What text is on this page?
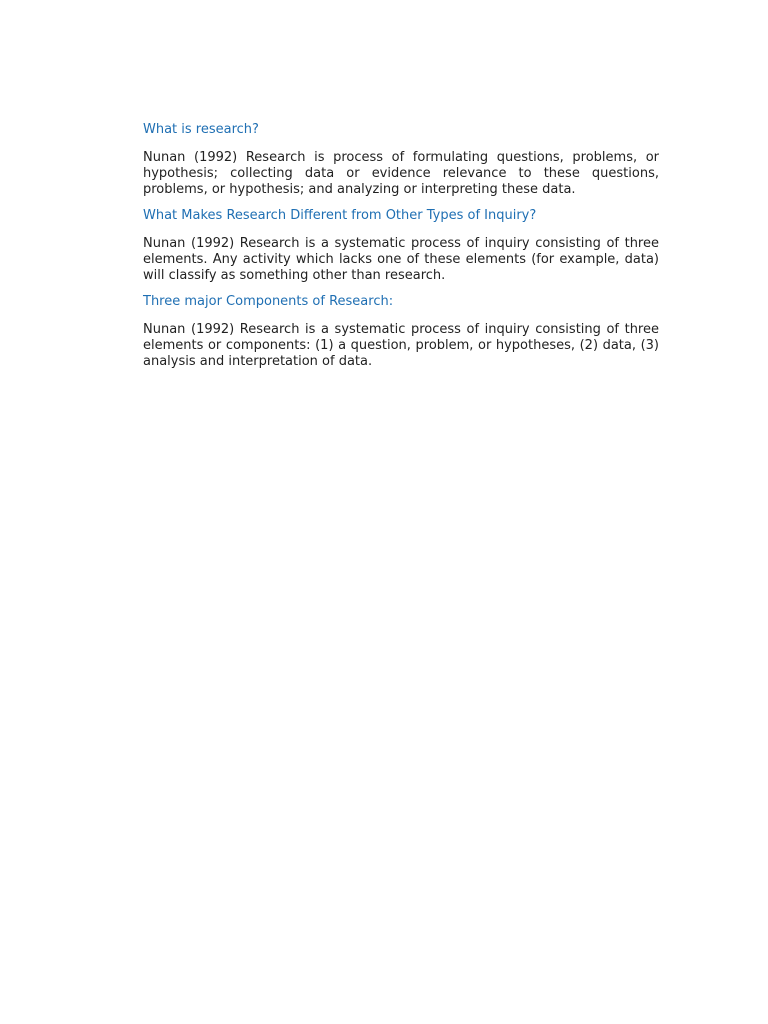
What is research?

Nunan (1992) Research is process of formulating questions, problems, or hypothesis; collecting data or evidence relevance to these questions, problems, or hypothesis; and analyzing or interpreting these data.

What Makes Research Different from Other Types of Inquiry?

Nunan (1992) Research is a systematic process of inquiry consisting of three elements. Any activity which lacks one of these elements (for example, data) will classify as something other than research.

Three major Components of Research:

Nunan (1992) Research is a systematic process of inquiry consisting of three elements or components: (1) a question, problem, or hypotheses, (2) data, (3) analysis and interpretation of data.
